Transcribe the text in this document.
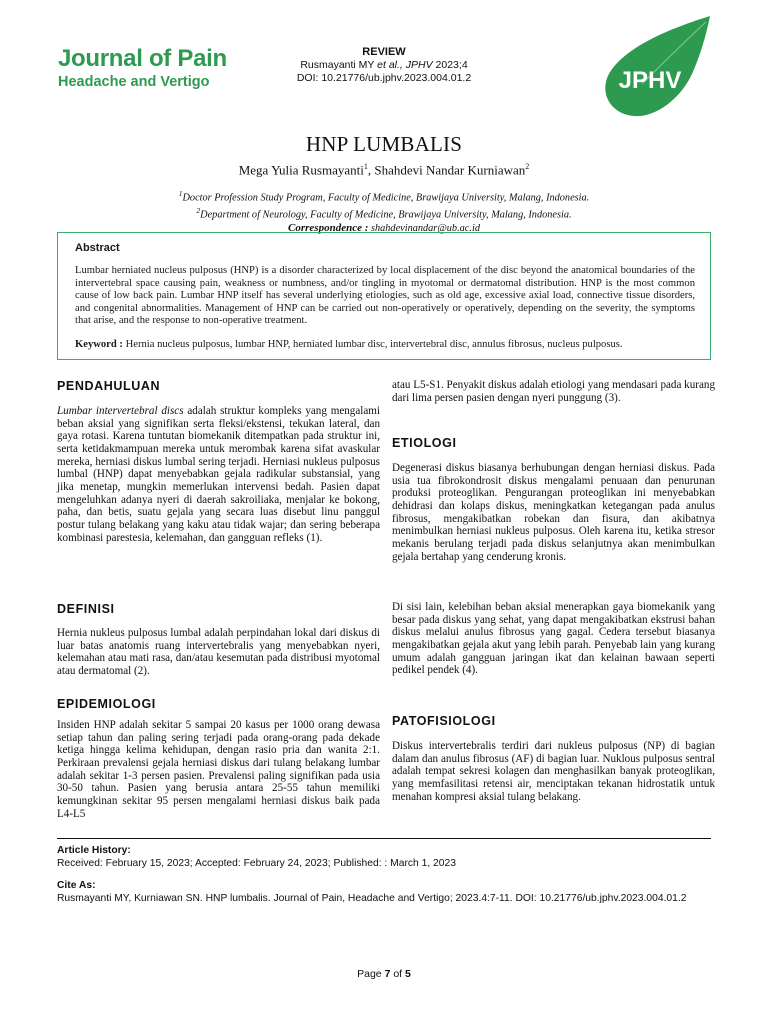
Journal of Pain
Headache and Vertigo
REVIEW
Rusmayanti MY et al., JPHV 2023;4
DOI: 10.21776/ub.jphv.2023.004.01.2	JPHV
HNP LUMBALIS
Mega Yulia Rusmayanti$^1$, Shahdevi Nandar Kurniawan$^2$
$^1$Doctor Profession Study Program, Faculty of Medicine, Brawijaya University, Malang, Indonesia.
$^2$Department of Neurology, Faculty of Medicine, Brawijaya University, Malang, Indonesia.
Correspondence : shahdevinandar@ub.ac.id
Abstract
Lumbar herniated nucleus pulposus (HNP) is a disorder characterized by local displacement of the disc beyond the anatomical boundaries of the intervertebral space causing pain, weakness or numbness, and/or tingling in myotomal or dermatomal distribution. HNP is the most common cause of low back pain. Lumbar HNP itself has several underlying etiologies, such as old age, excessive axial load, connective tissue disorders, and congenital abnormalities. Management of HNP can be carried out non-operatively or operatively, depending on the severity, the symptoms that arise, and the response to non-operative treatment.
Keyword : Hernia nucleus pulposus, lumbar HNP, herniated lumbar disc, intervertebral disc, annulus fibrosus, nucleus pulposus.
PENDAHULUAN
Lumbar intervertebral discs adalah struktur kompleks yang mengalami beban aksial yang signifikan serta fleksi/ekstensi, tekukan lateral, dan gaya rotasi. Karena tuntutan biomekanik ditempatkan pada struktur ini, serta ketidakmampuan mereka untuk merombak karena sifat avaskular mereka, herniasi diskus lumbal sering terjadi. Herniasi nukleus pulposus lumbal (HNP) dapat menyebabkan gejala radikular substansial, yang jika menetap, mungkin memerlukan intervensi bedah. Pasien dapat mengeluhkan adanya nyeri di daerah sakroiliaka, menjalar ke bokong, paha, dan betis, suatu gejala yang secara luas disebut linu panggul postur tulang belakang yang kaku atau tidak wajar; dan sering beberapa kombinasi parestesia, kelemahan, dan gangguan refleks (1).
DEFINISI
Hernia nukleus pulposus lumbal adalah perpindahan lokal dari diskus di luar batas anatomis ruang intervertebralis yang menyebabkan nyeri, kelemahan atau mati rasa, dan/atau kesemutan pada distribusi myotomal atau dermatomal (2).
EPIDEMIOLOGI
Insiden HNP adalah sekitar 5 sampai 20 kasus per 1000 orang dewasa setiap tahun dan paling sering terjadi pada orang-orang pada dekade ketiga hingga kelima kehidupan, dengan rasio pria dan wanita 2:1. Perkiraan prevalensi gejala herniasi diskus dari tulang belakang lumbar adalah sekitar 1-3 persen pasien. Prevalensi paling signifikan pada usia 30-50 tahun. Pasien yang berusia antara 25-55 tahun memiliki kemungkinan sekitar 95 persen mengalami herniasi diskus baik pada L4-L5
atau L5-S1. Penyakit diskus adalah etiologi yang mendasari pada kurang dari lima persen pasien dengan nyeri punggung (3).
ETIOLOGI
Degenerasi diskus biasanya berhubungan dengan herniasi diskus. Pada usia tua fibrokondrosit diskus mengalami penuaan dan penurunan produksi proteoglikan. Pengurangan proteoglikan ini menyebabkan dehidrasi dan kolaps diskus, meningkatkan ketegangan pada anulus fibrosus, mengakibatkan robekan dan fisura, dan akibatnya menimbulkan herniasi nukleus pulposus. Oleh karena itu, ketika stresor mekanis berulang terjadi pada diskus selanjutnya akan menimbulkan gejala bertahap yang cenderung kronis.
Di sisi lain, kelebihan beban aksial menerapkan gaya biomekanik yang besar pada diskus yang sehat, yang dapat mengakibatkan ekstrusi bahan diskus melalui anulus fibrosus yang gagal. Cedera tersebut biasanya mengakibatkan gejala akut yang lebih parah. Penyebab lain yang kurang umum adalah gangguan jaringan ikat dan kelainan bawaan seperti pedikel pendek (4).
PATOFISIOLOGI
Diskus intervertebralis terdiri dari nukleus pulposus (NP) di bagian dalam dan anulus fibrosus (AF) di bagian luar. Nuklous pulposus sentral adalah tempat sekresi kolagen dan menghasilkan banyak proteoglikan, yang memfasilitasi retensi air, menciptakan tekanan hidrostatik untuk menahan kompresi aksial tulang belakang.
Article History:
Received: February 15, 2023; Accepted: February 24, 2023; Published: : March 1, 2023
Cite As:
Rusmayanti MY, Kurniawan SN. HNP lumbalis. Journal of Pain, Headache and Vertigo; 2023.4:7-11. DOI: 10.21776/ub.jphv.2023.004.01.2
Page 7 of 5
